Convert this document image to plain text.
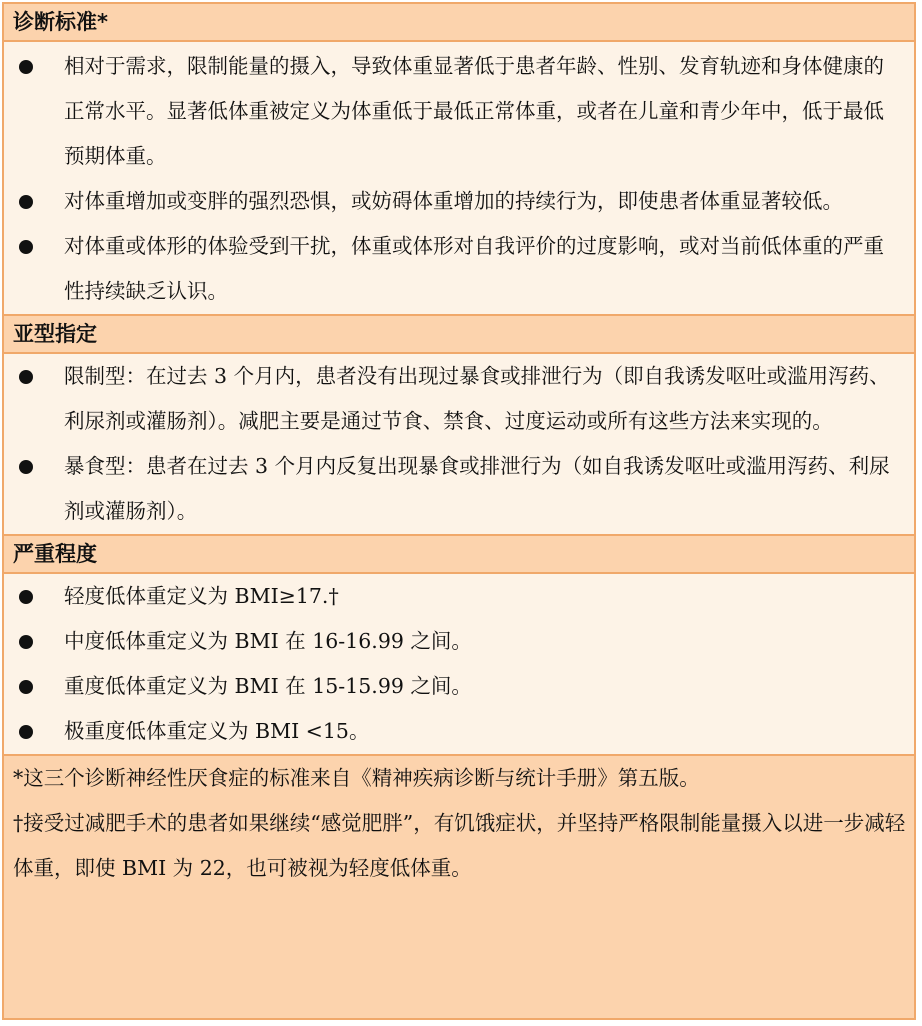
诊断标准*
相对于需求，限制能量的摄入，导致体重显著低于患者年龄、性别、发育轨迹和身体健康的正常水平。显著低体重被定义为体重低于最低正常体重，或者在儿童和青少年中，低于最低预期体重。
对体重增加或变胖的强烈恐惧，或妨碍体重增加的持续行为，即使患者体重显著较低。
对体重或体形的体验受到干扰，体重或体形对自我评价的过度影响，或对当前低体重的严重性持续缺乏认识。
亚型指定
限制型：在过去 3 个月内，患者没有出现过暴食或排泄行为（即自我诱发呕吐或滥用泻药、利尿剂或灌肠剂）。减肥主要是通过节食、禁食、过度运动或所有这些方法来实现的。
暴食型：患者在过去 3 个月内反复出现暴食或排泄行为（如自我诱发呕吐或滥用泻药、利尿剂或灌肠剂）。
严重程度
轻度低体重定义为 BMI≥17.†
中度低体重定义为 BMI 在 16-16.99 之间。
重度低体重定义为 BMI 在 15-15.99 之间。
极重度低体重定义为 BMI <15。
*这三个诊断神经性厌食症的标准来自《精神疾病诊断与统计手册》第五版。
†接受过减肥手术的患者如果继续“感觉肥胖”，有饥饿症状，并坚持严格限制能量摄入以进一步减轻体重，即使 BMI 为 22，也可被视为轻度低体重。
